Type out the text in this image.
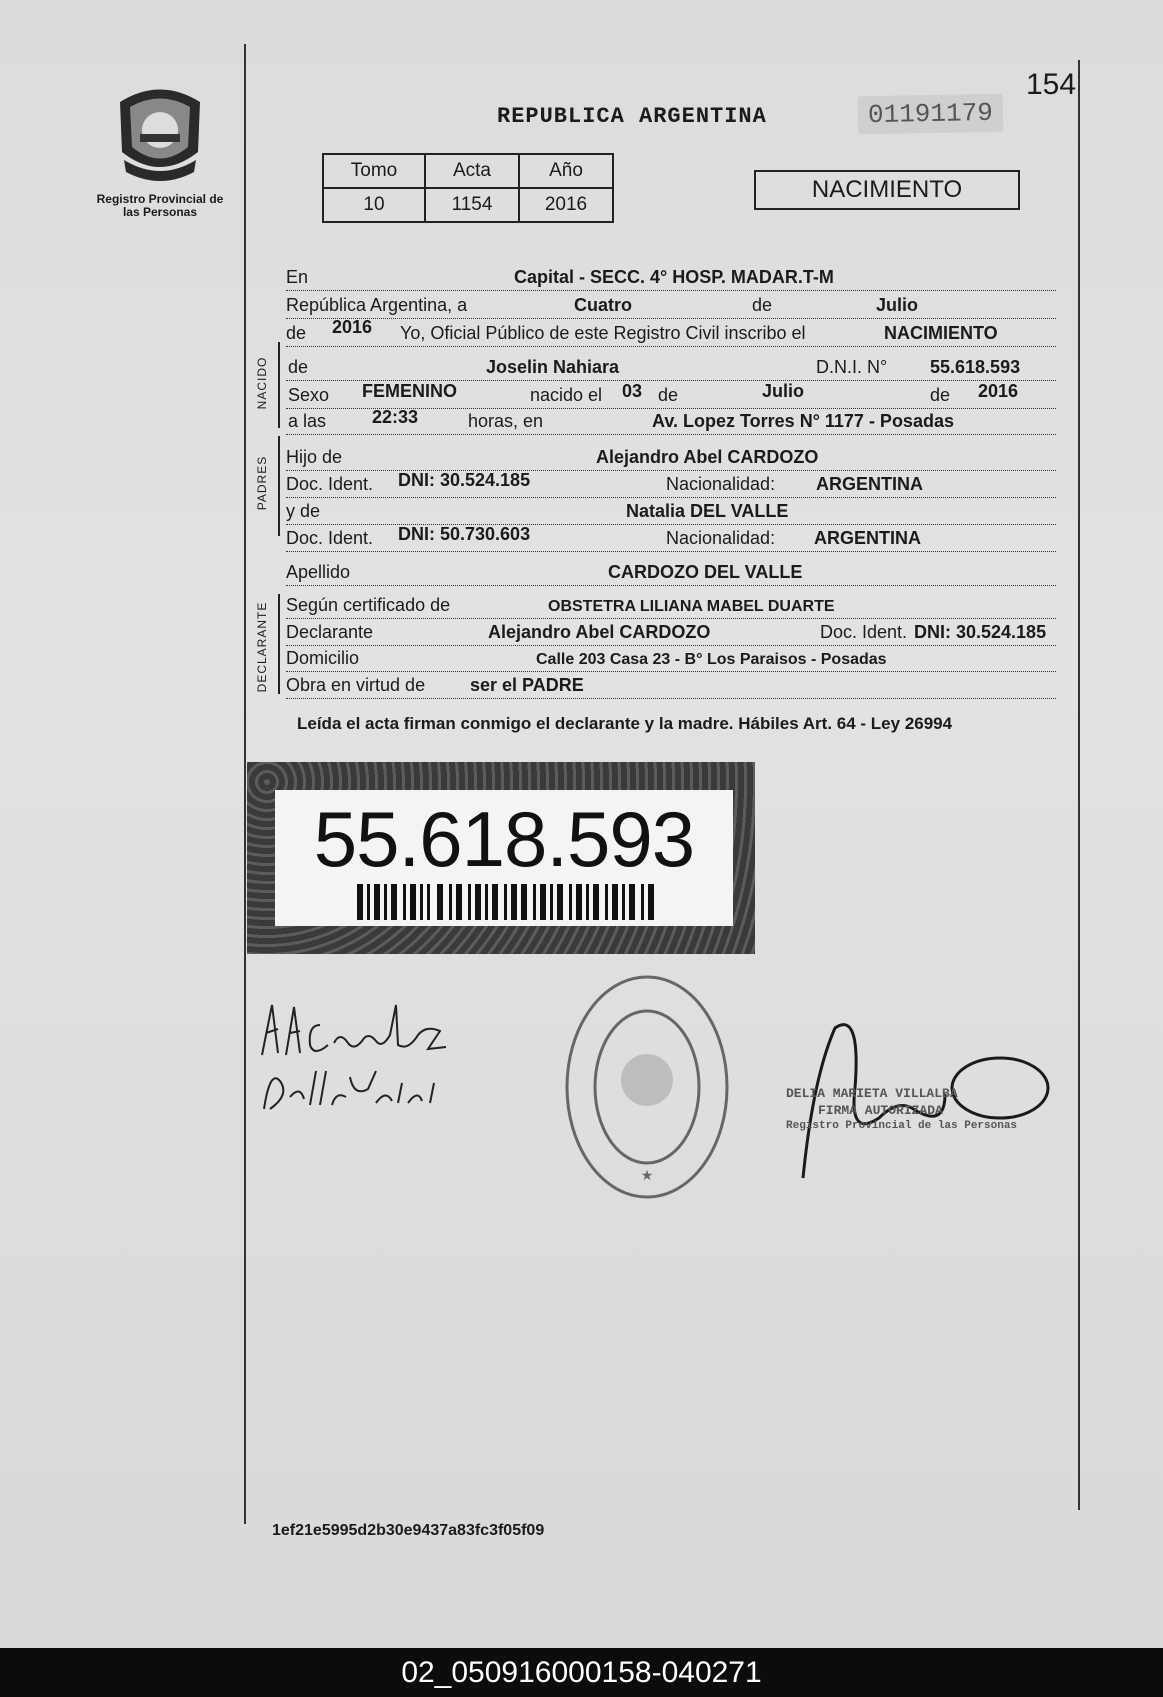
Registro Provincial de las Personas
REPUBLICA ARGENTINA	01191179
154
Tomo	Acta	Año
10	1154	2016
NACIMIENTO
En	Capital - SECC. 4° HOSP. MADAR.T-M
República Argentina, a	Cuatro	de	Julio
de 2016 Yo, Oficial Público de este Registro Civil inscribo el	NACIMIENTO
NACIDO de	Joselin Nahiara	D.N.I. N° 55.618.593
Sexo FEMENINO	nacido el 03 de	Julio	de 2016
a las	22:33	horas, en	Av. Lopez Torres N° 1177 - Posadas
PADRES Hijo de	Alejandro Abel CARDOZO
Doc. Ident. DNI: 30.524.185	Nacionalidad: ARGENTINA
y de	Natalia DEL VALLE
Doc. Ident. DNI: 50.730.603	Nacionalidad: ARGENTINA
Apellido	CARDOZO DEL VALLE
DECLARANTE Según certificado de	OBSTETRA LILIANA MABEL DUARTE
Declarante	Alejandro Abel CARDOZO	Doc. Ident. DNI: 30.524.185
Domicilio	Calle 203 Casa 23 - B° Los Paraisos - Posadas
Obra en virtud de ser el PADRE
Leída el acta firman conmigo el declarante y la madre. Hábiles Art. 64 - Ley 26994
55.618.593
★
DELIA MARIETA VILLALBA
FIRMA AUTORIZADA
Registro Provincial de las Personas
1ef21e5995d2b30e9437a83fc3f05f09
02_050916000158-040271
